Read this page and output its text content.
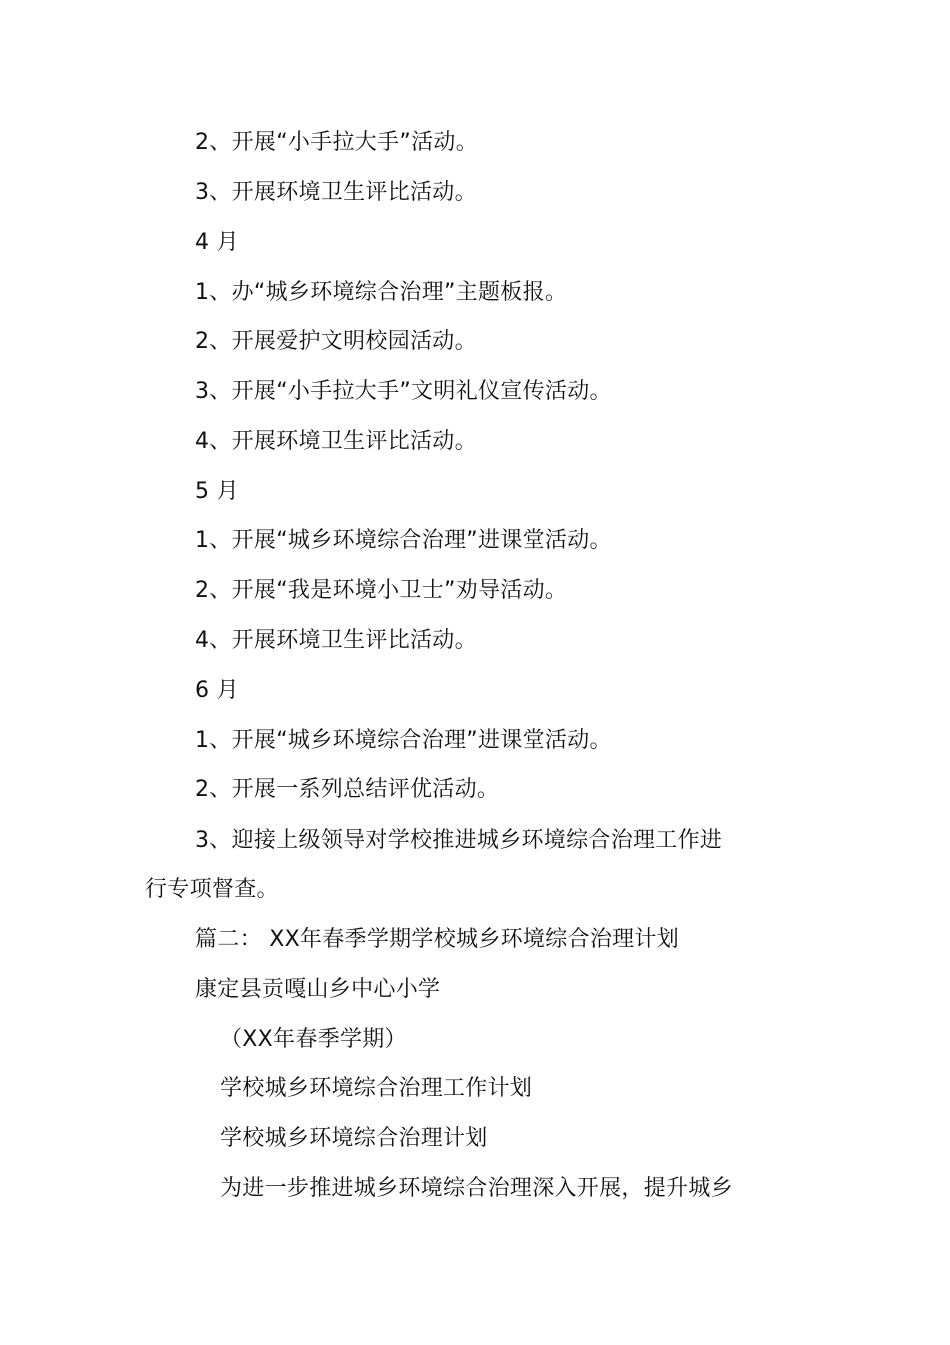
2、开展“小手拉大手”活动。
3、开展环境卫生评比活动。
4 月
1、办“城乡环境综合治理”主题板报。
2、开展爱护文明校园活动。
3、开展“小手拉大手”文明礼仪宣传活动。
4、开展环境卫生评比活动。
5 月
1、开展“城乡环境综合治理”进课堂活动。
2、开展“我是环境小卫士”劝导活动。
4、开展环境卫生评比活动。
6 月
1、开展“城乡环境综合治理”进课堂活动。
2、开展一系列总结评优活动。
3、迎接上级领导对学校推进城乡环境综合治理工作进
行专项督查。
篇二： XX年春季学期学校城乡环境综合治理计划
康定县贡嘎山乡中心小学
（XX年春季学期）
学校城乡环境综合治理工作计划
学校城乡环境综合治理计划
为进一步推进城乡环境综合治理深入开展，提升城乡
